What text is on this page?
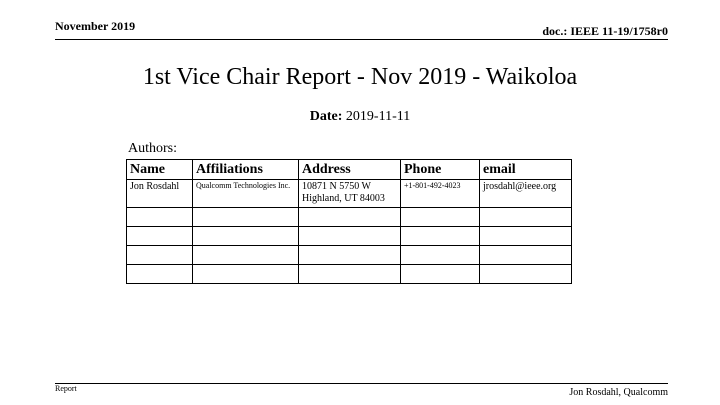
November 2019	doc.: IEEE 11-19/1758r0
1st Vice Chair Report - Nov 2019 - Waikoloa
Date: 2019-11-11
Authors:
Name	Affiliations	Address	Phone	email
Jon Rosdahl	Qualcomm Technologies Inc.	10871 N 5750 W
Highland, UT 84003	+1-801-492-4023	jrosdahl@ieee.org

Report	Jon Rosdahl, Qualcomm
